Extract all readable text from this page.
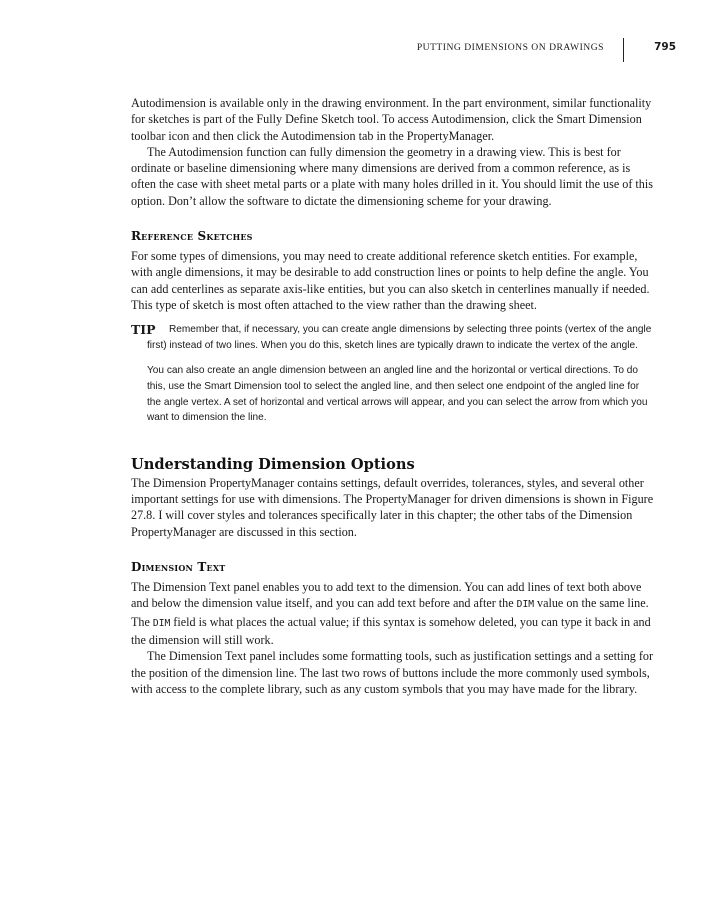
PUTTING DIMENSIONS ON DRAWINGS	795

Autodimension is available only in the drawing environment. In the part environment, similar functionality for sketches is part of the Fully Define Sketch tool. To access Autodimension, click the Smart Dimension toolbar icon and then click the Autodimension tab in the PropertyManager.

The Autodimension function can fully dimension the geometry in a drawing view. This is best for ordinate or baseline dimensioning where many dimensions are derived from a common reference, as is often the case with sheet metal parts or a plate with many holes drilled in it. You should limit the use of this option. Don’t allow the software to dictate the dimensioning scheme for your drawing.

Reference Sketches

For some types of dimensions, you may need to create additional reference sketch entities. For example, with angle dimensions, it may be desirable to add construction lines or points to help define the angle. You can add centerlines as separate axis-like entities, but you can also sketch in centerlines manually if needed. This type of sketch is most often attached to the view rather than the drawing sheet.

TIP	Remember that, if necessary, you can create angle dimensions by selecting three points (vertex of the angle first) instead of two lines. When you do this, sketch lines are typically drawn to indicate the vertex of the angle.

You can also create an angle dimension between an angled line and the horizontal or vertical directions. To do this, use the Smart Dimension tool to select the angled line, and then select one endpoint of the angled line for the angle vertex. A set of horizontal and vertical arrows will appear, and you can select the arrow from which you want to dimension the line.

Understanding Dimension Options

The Dimension PropertyManager contains settings, default overrides, tolerances, styles, and several other important settings for use with dimensions. The PropertyManager for driven dimensions is shown in Figure 27.8. I will cover styles and tolerances specifically later in this chapter; the other tabs of the Dimension PropertyManager are discussed in this section.

Dimension Text

The Dimension Text panel enables you to add text to the dimension. You can add lines of text both above and below the dimension value itself, and you can add text before and after the DIM value on the same line. The DIM field is what places the actual value; if this syntax is somehow deleted, you can type it back in and the dimension will still work.

The Dimension Text panel includes some formatting tools, such as justification settings and a setting for the position of the dimension line. The last two rows of buttons include the more commonly used symbols, with access to the complete library, such as any custom symbols that you may have made for the library.
